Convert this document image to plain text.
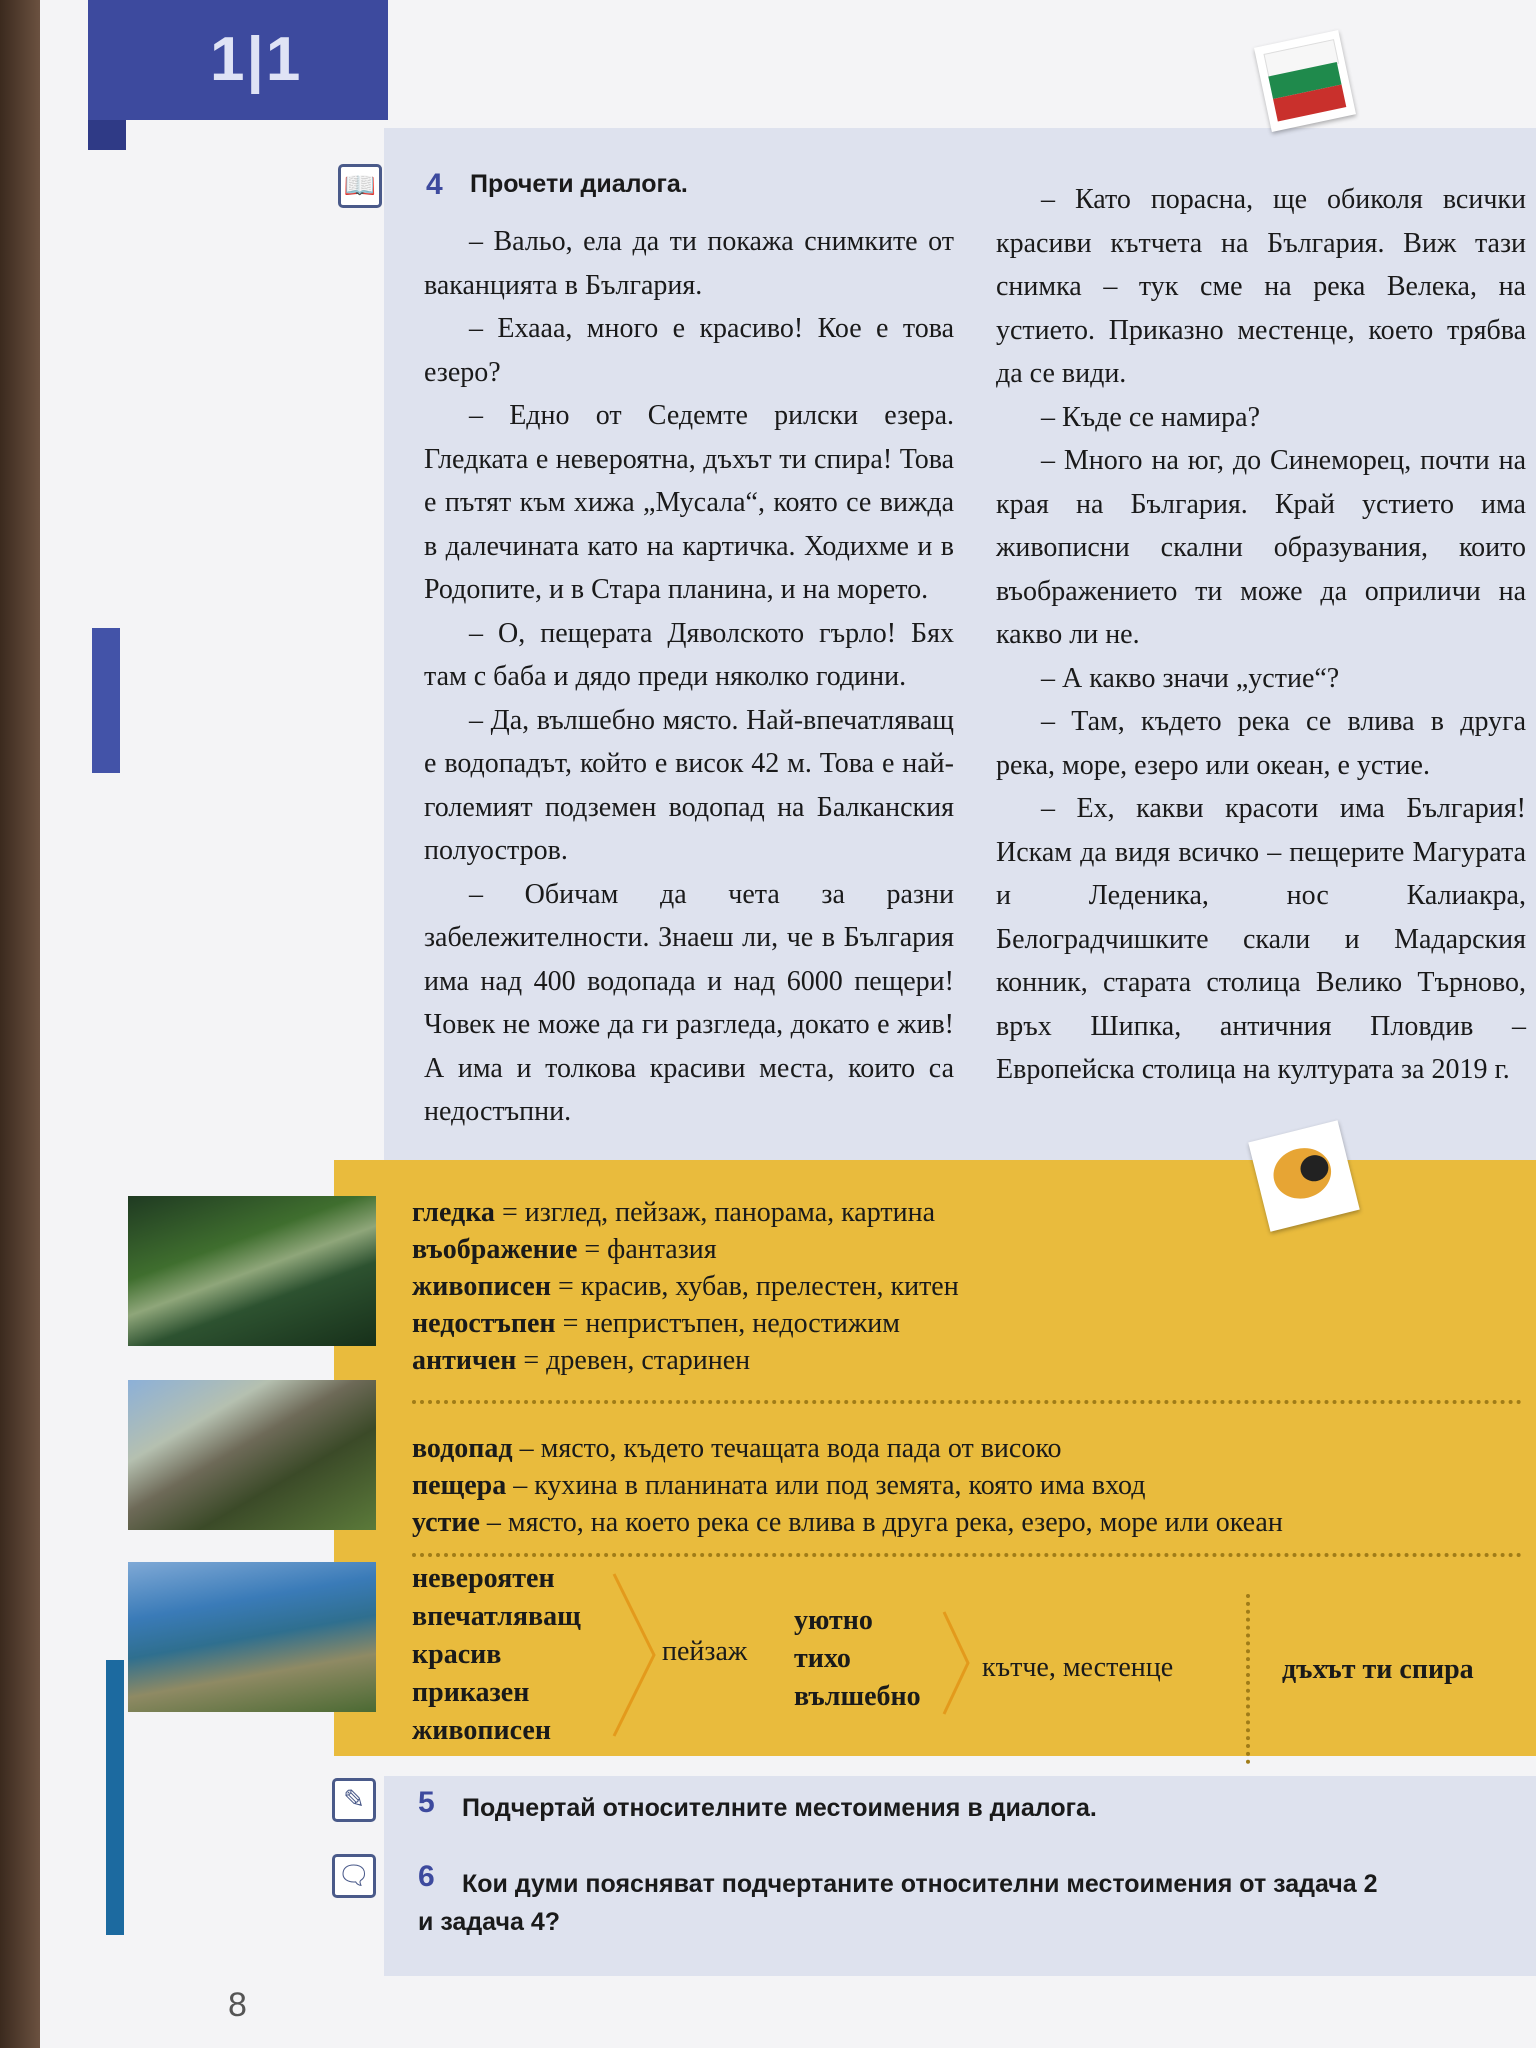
1|1
📖 4 Прочети диалога.

– Вальо, ела да ти покажа снимките от ваканцията в България.

– Ехааа, много е красиво! Кое е това езеро?

– Едно от Седемте рилски езера. Гледката е невероятна, дъхът ти спира! Това е пътят към хижа „Мусала“, която се вижда в далечината като на картичка. Ходихме и в Родопите, и в Стара планина, и на морето.

– О, пещерата Дяволското гърло! Бях там с баба и дядо преди няколко години.

– Да, вълшебно място. Най-впечатляващ е водопадът, който е висок 42 м. Това е най-големият подземен водопад на Балканския полуостров.

– Обичам да чета за разни забележителности. Знаеш ли, че в България има над 400 водопада и над 6000 пещери! Човек не може да ги разгледа, докато е жив! А има и толкова красиви места, които са недостъпни.

– Като порасна, ще обиколя всички красиви кътчета на България. Виж тази снимка – тук сме на река Велека, на устието. Приказно местенце, което трябва да се види.

– Къде се намира?

– Много на юг, до Синеморец, почти на края на България. Край устието има живописни скални образувания, които въображението ти може да оприличи на какво ли не.

– А какво значи „устие“?

– Там, където река се влива в друга река, море, езеро или океан, е устие.

– Ех, какви красоти има България! Искам да видя всичко – пещерите Магурата и Леденика, нос Калиакра, Белоградчишките скали и Мадарския конник, старата столица Велико Търново, връх Шипка, античния Пловдив – Европейска столица на културата за 2019 г.

гледка = изглед, пейзаж, панорама, картина
въображение = фантазия
живописен = красив, хубав, прелестен, китен
недостъпен = непристъпен, недостижим
античен = древен, старинен
водопад – място, където течащата вода пада от високо
пещера – кухина в планината или под земята, която има вход
устие – място, на което река се влива в друга река, езеро, море или океан
невероятен
впечатляващ
красив
приказен
живописен
пейзаж
уютно
тихо
вълшебно
кътче, местенце	дъхът ти спира
✎	5 Подчертай относителните местоимения в диалога.
🗨 6 Кои думи поясняват подчертаните относителни местоимения от задача 2
и задача 4?
8
